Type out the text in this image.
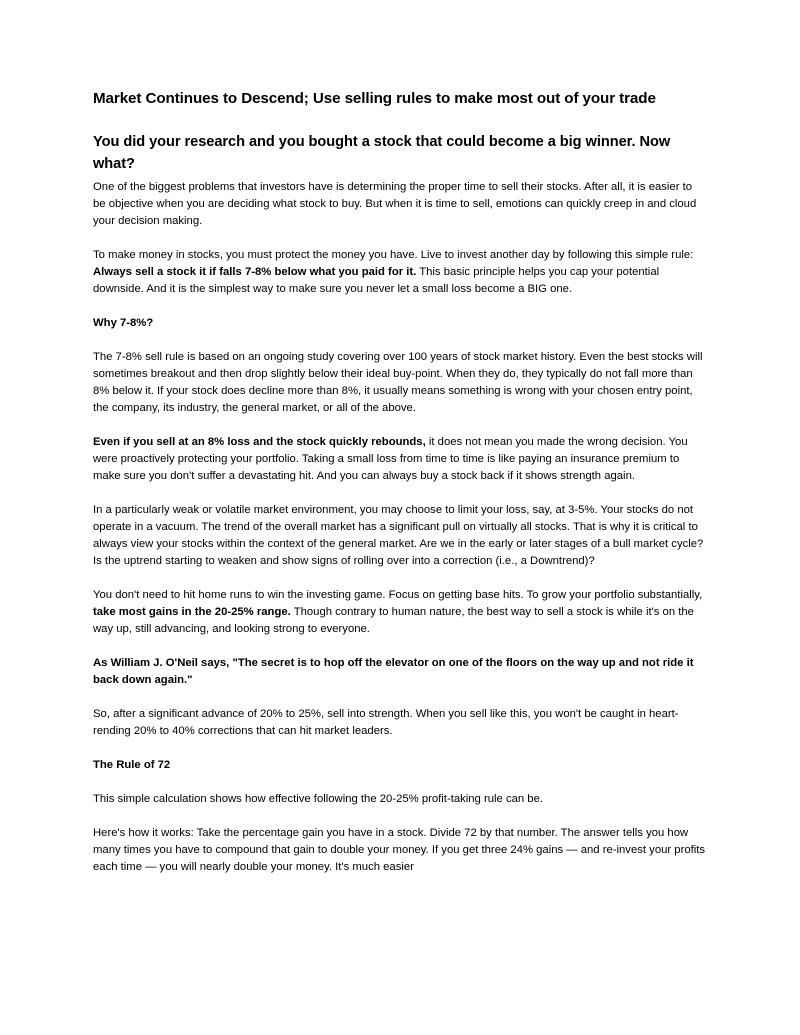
Market Continues to Descend; Use selling rules to make most out of your trade
You did your research and you bought a stock that could become a big winner. Now what?

One of the biggest problems that investors have is determining the proper time to sell their stocks. After all, it is easier to be objective when you are deciding what stock to buy. But when it is time to sell, emotions can quickly creep in and cloud your decision making.

To make money in stocks, you must protect the money you have. Live to invest another day by following this simple rule: Always sell a stock it if falls 7-8% below what you paid for it. This basic principle helps you cap your potential downside. And it is the simplest way to make sure you never let a small loss become a BIG one.

Why 7-8%?

The 7-8% sell rule is based on an ongoing study covering over 100 years of stock market history. Even the best stocks will sometimes breakout and then drop slightly below their ideal buy-point. When they do, they typically do not fall more than 8% below it. If your stock does decline more than 8%, it usually means something is wrong with your chosen entry point, the company, its industry, the general market, or all of the above.

Even if you sell at an 8% loss and the stock quickly rebounds, it does not mean you made the wrong decision. You were proactively protecting your portfolio. Taking a small loss from time to time is like paying an insurance premium to make sure you don't suffer a devastating hit. And you can always buy a stock back if it shows strength again.

In a particularly weak or volatile market environment, you may choose to limit your loss, say, at 3-5%. Your stocks do not operate in a vacuum. The trend of the overall market has a significant pull on virtually all stocks. That is why it is critical to always view your stocks within the context of the general market. Are we in the early or later stages of a bull market cycle? Is the uptrend starting to weaken and show signs of rolling over into a correction (i.e., a Downtrend)?

You don't need to hit home runs to win the investing game. Focus on getting base hits. To grow your portfolio substantially, take most gains in the 20-25% range. Though contrary to human nature, the best way to sell a stock is while it's on the way up, still advancing, and looking strong to everyone.

As William J. O'Neil says, "The secret is to hop off the elevator on one of the floors on the way up and not ride it back down again."

So, after a significant advance of 20% to 25%, sell into strength. When you sell like this, you won't be caught in heart-rending 20% to 40% corrections that can hit market leaders.

The Rule of 72

This simple calculation shows how effective following the 20-25% profit-taking rule can be.

Here's how it works: Take the percentage gain you have in a stock. Divide 72 by that number. The answer tells you how many times you have to compound that gain to double your money. If you get three 24% gains — and re-invest your profits each time — you will nearly double your money. It's much easier
